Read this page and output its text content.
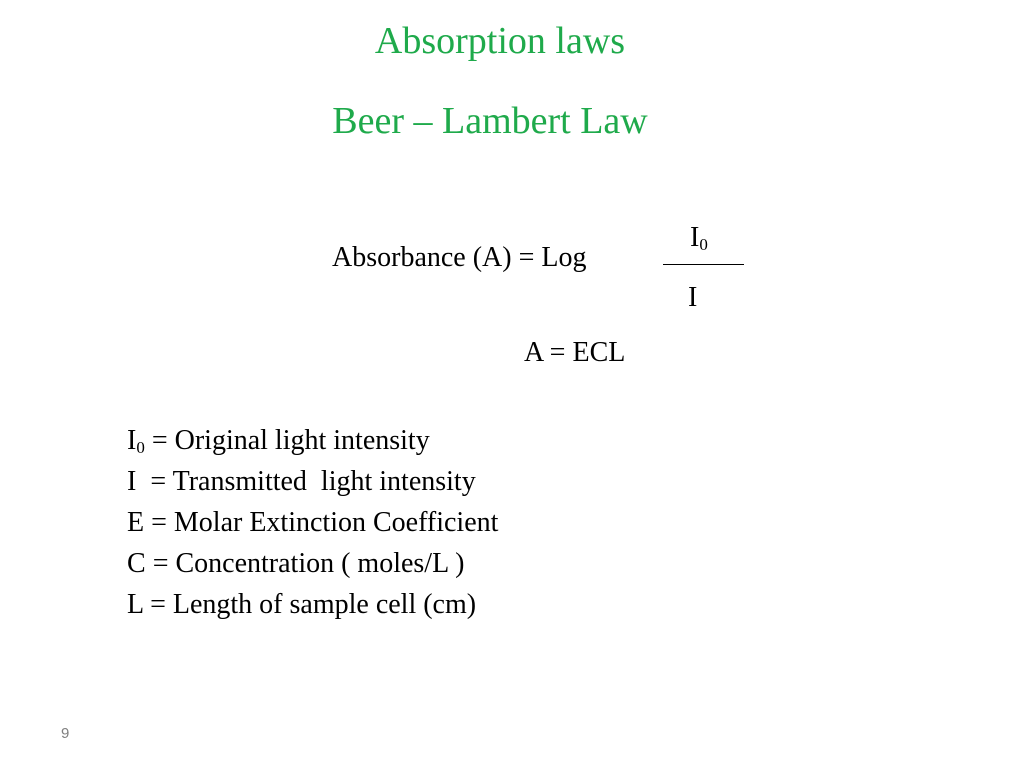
Absorption laws
Beer – Lambert Law
Absorbance (A) = Log
$I_0$
I
A = ECL
$I_0$ = Original light intensity
I  = Transmitted  light intensity
E = Molar Extinction Coefficient
C = Concentration ( moles/L )
L = Length of sample cell (cm)
9
